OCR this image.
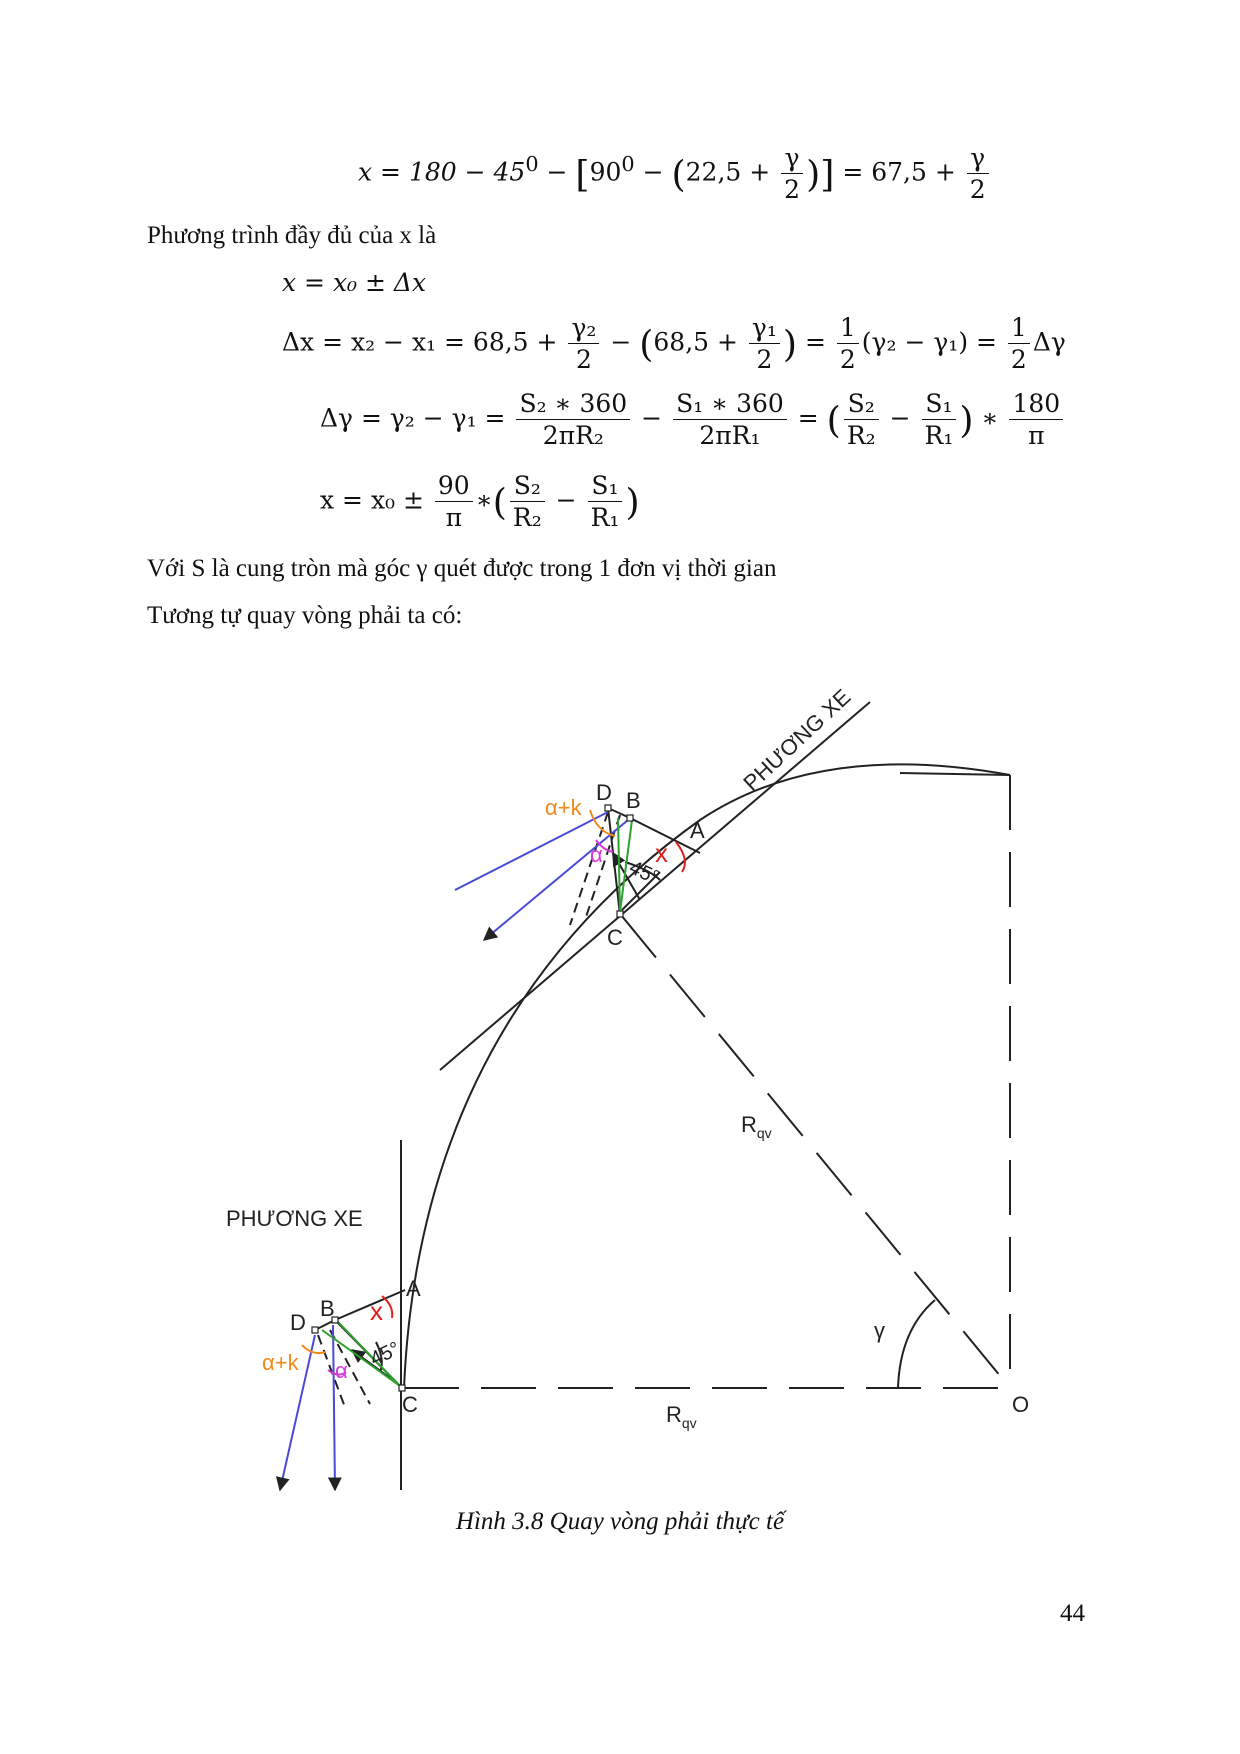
$x = 180 - 45^0 - [90^0 - (22,5 + \frac{\gamma}{2}$ )] = $67,5 + \frac{\gamma}{2}$
Phương trình đầy đủ của x là
x = x₀ ± Δx
$\Delta x = x_2 - x_1 = 68,5 + \frac{\text{γ₂}}{2} - (68,5 + \frac{\text{γ₁}}{2}$ ) = $\frac{1}{2} (\gamma_2 - \gamma_1) = \frac{1}{2}$ Δγ
$\Delta\gamma = \gamma_2 - \gamma_1 = \frac{\text{S₂ ∗ 360}}{\text{2πR₂}} - \frac{\text{S₁ ∗ 360}}{\text{2πR₁}}$ = ( $\frac{\text{S₂}}{\text{R₂}} - \frac{\text{S₁}}{\text{R₁}}$ ) ∗ $\frac{180}{\pi}$
$x = x_0 \pm \frac{90}{\pi}$ ∗( $\frac{\text{S₂}}{\text{R₂}} - \frac{\text{S₁}}{\text{R₁}}$ )
Với S là cung tròn mà góc γ quét được trong 1 đơn vị thời gian
Tương tự quay vòng phải ta có:
PHƯƠNG XE
PHƯƠNG XE
D B
A
C
α+k
α x
45°
D
B
A
C
α+k α
x
45°
O
γ
$R_{qv}$
$R_{qv}$
Hình 3.8 Quay vòng phải thực tế
44
